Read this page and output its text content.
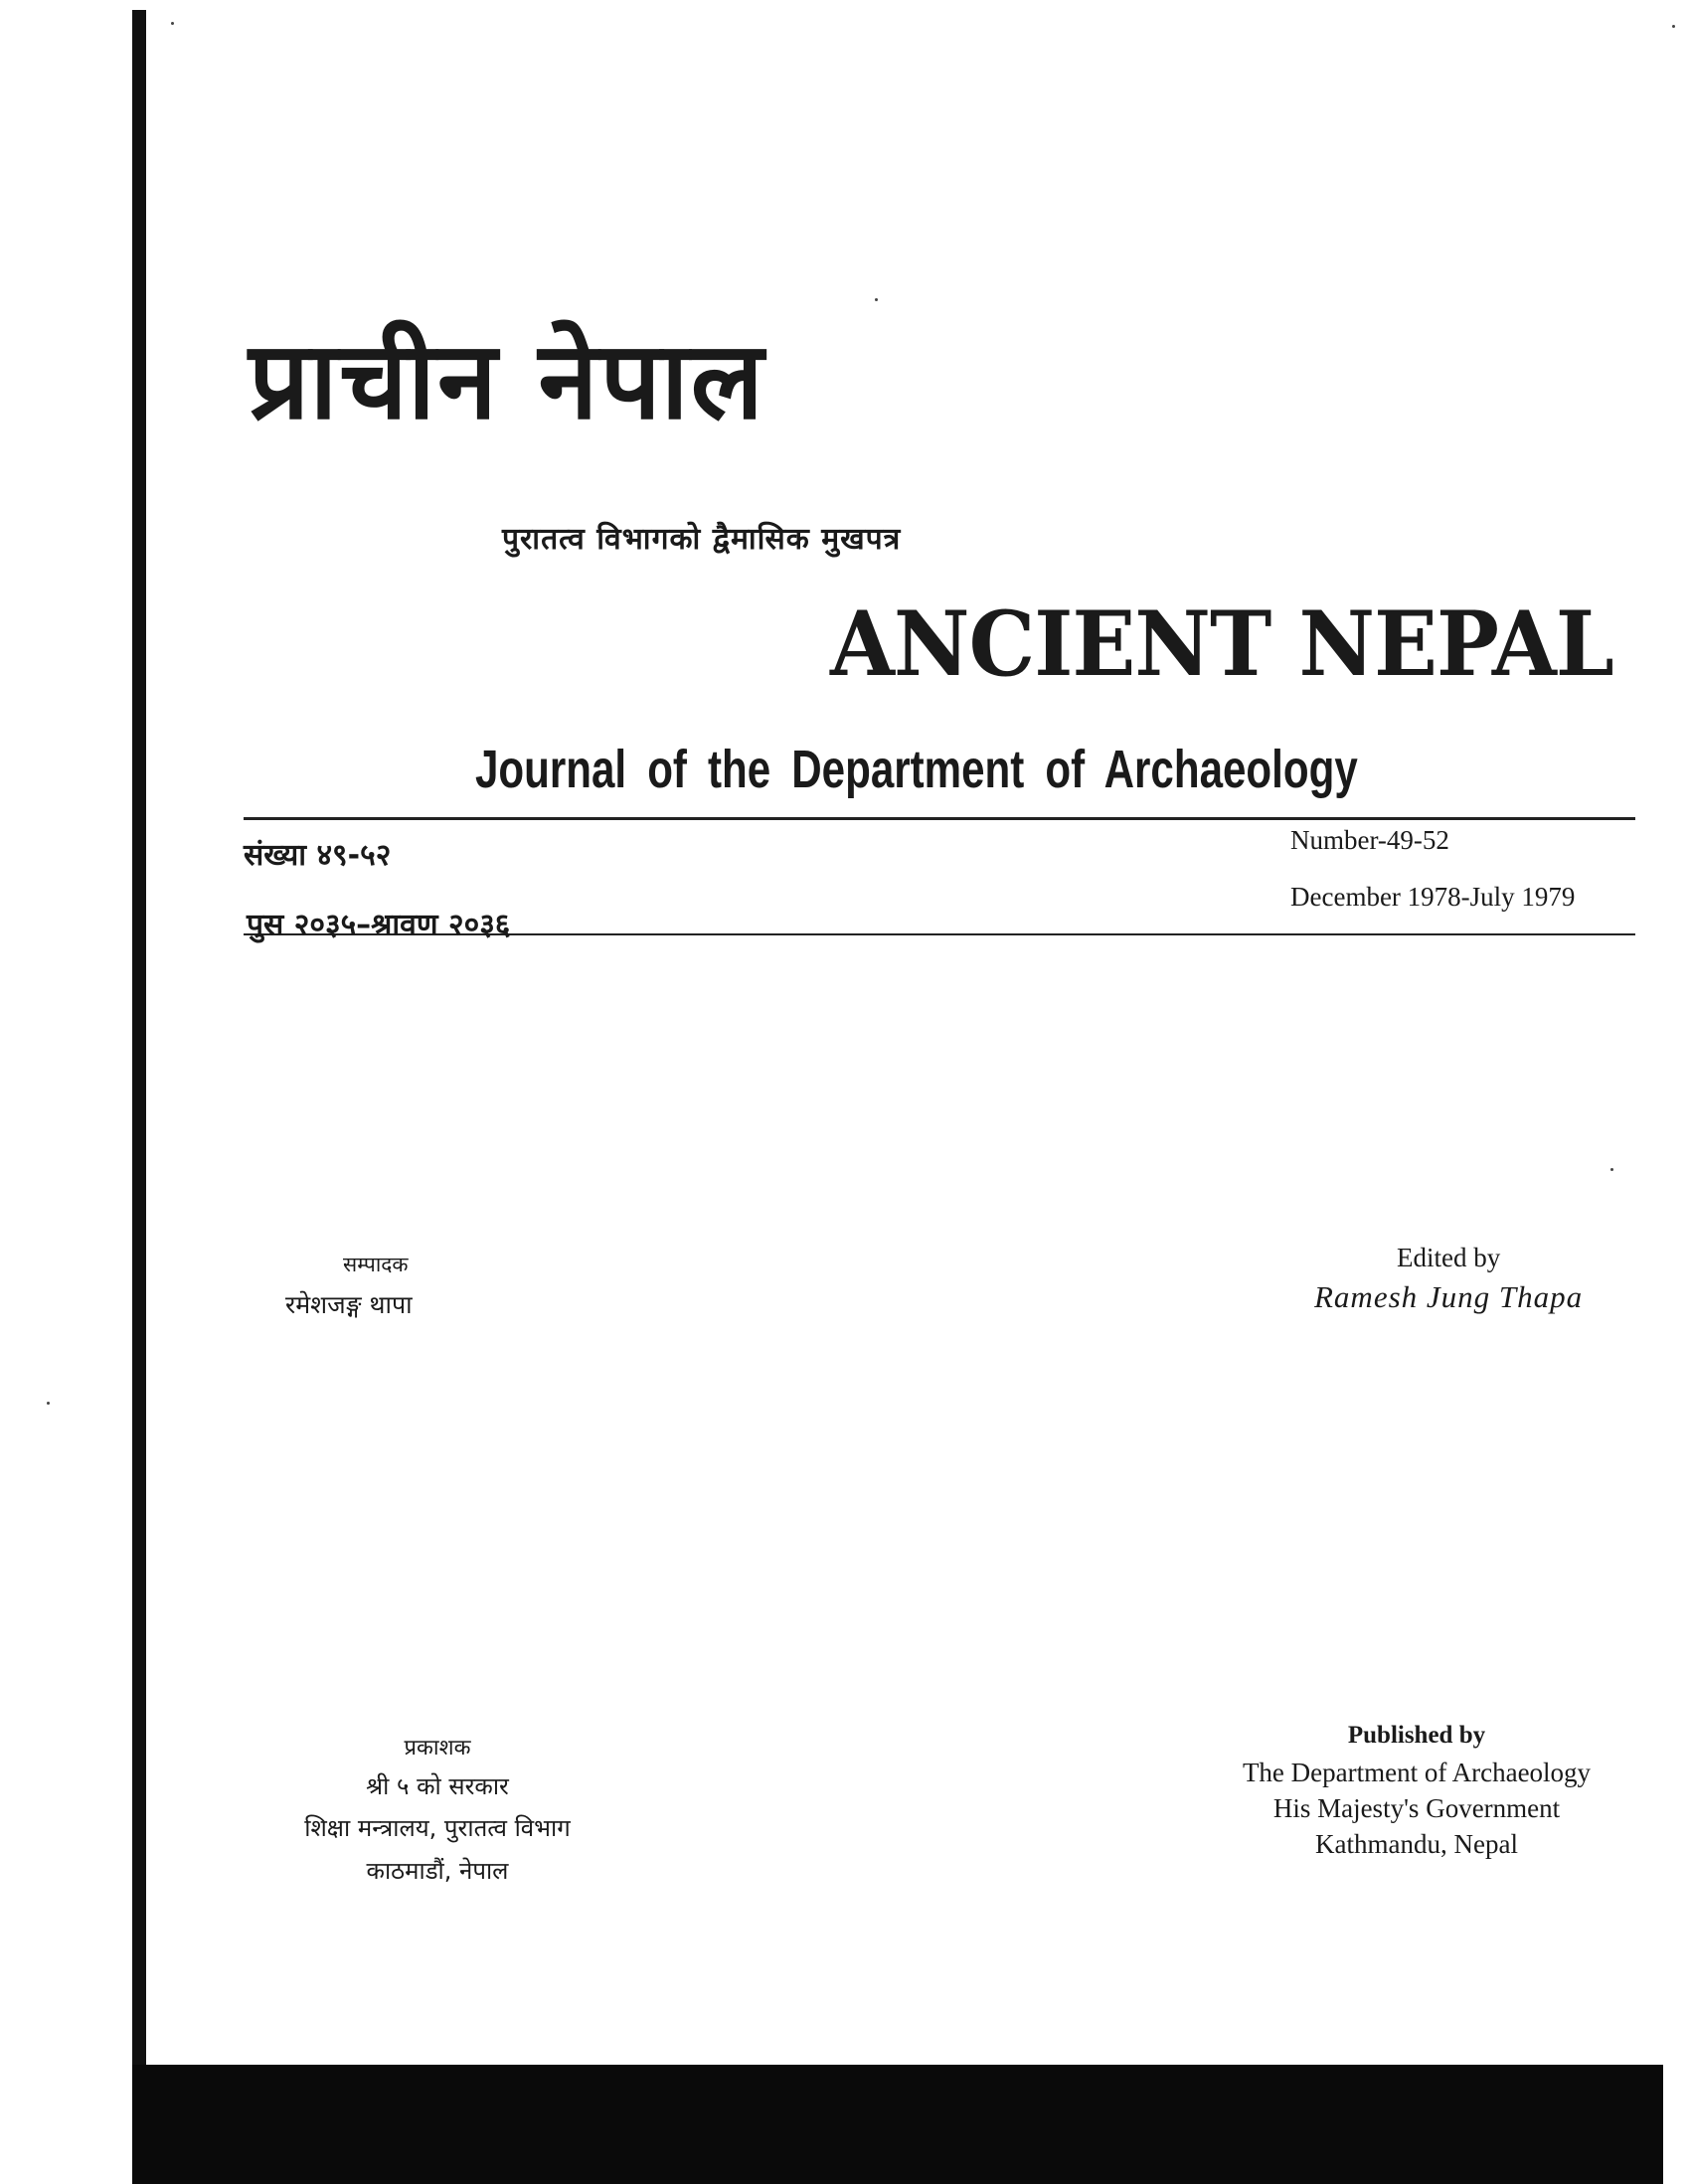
प्राचीन नेपाल
पुरातत्व विभागको द्वैमासिक मुखपत्र
ANCIENT NEPAL
Journal of the Department of Archaeology
संख्या ४९-५२	Number-49-52
पुस २०३५–श्रावण २०३६
December 1978-July 1979
सम्पादक
रमेशजङ्ग थापा
Edited by
Ramesh Jung Thapa
प्रकाशक
श्री ५ को सरकार
शिक्षा मन्त्रालय, पुरातत्व विभाग
काठमाडौं, नेपाल
Published by
The Department of Archaeology
His Majesty's Government
Kathmandu, Nepal
